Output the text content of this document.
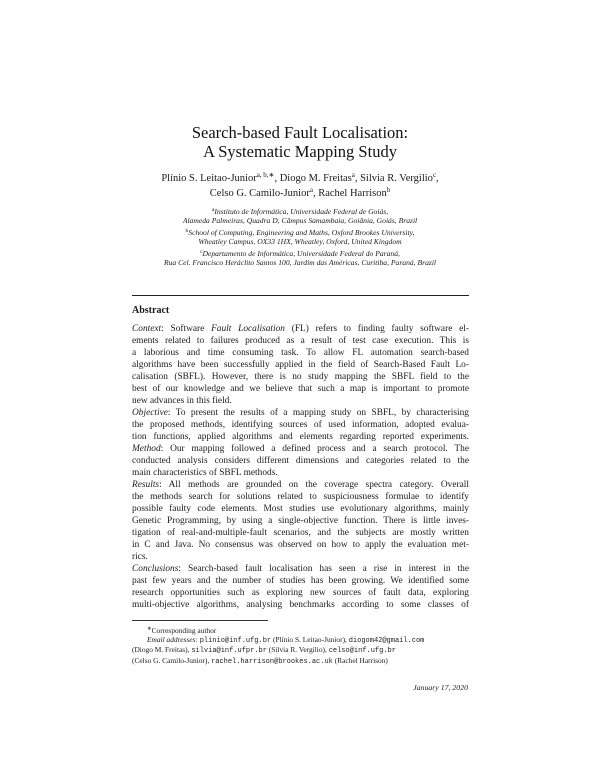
Search-based Fault Localisation:
A Systematic Mapping Study
Plínio S. Leitao-Junior$^{a, b,∗}$, Diogo M. Freitas$^a$, Silvia R. Vergilio$^c$,
Celso G. Camilo-Junior$^a$, Rachel Harrison$^b$
$^a$Instituto de Informática, Universidade Federal de Goiás,
Alameda Palmeiras, Quadra D, Câmpus Samambaia, Goiânia, Goiás, Brazil
$^b$School of Computing, Engineering and Maths, Oxford Brookes University,
Wheatley Campus, OX33 1HX, Wheatley, Oxford, United Kingdom
$^c$Departamento de Informática, Universidade Federal do Paraná,
Rua Cel. Francisco Heráclito Santos 100, Jardim das Américas, Curitiba, Paraná, Brazil
Abstract
Context: Software Fault Localisation (FL) refers to finding faulty software el-
ements related to failures produced as a result of test case execution. This is
a laborious and time consuming task. To allow FL automation search-based
algorithms have been successfully applied in the field of Search-Based Fault Lo-
calisation (SBFL). However, there is no study mapping the SBFL field to the
best of our knowledge and we believe that such a map is important to promote
new advances in this field.
Objective: To present the results of a mapping study on SBFL, by characterising
the proposed methods, identifying sources of used information, adopted evalua-
tion functions, applied algorithms and elements regarding reported experiments.
Method: Our mapping followed a defined process and a search protocol. The
conducted analysis considers different dimensions and categories related to the
main characteristics of SBFL methods.
Results: All methods are grounded on the coverage spectra category. Overall
the methods search for solutions related to suspiciousness formulae to identify
possible faulty code elements. Most studies use evolutionary algorithms, mainly
Genetic Programming, by using a single-objective function. There is little inves-
tigation of real-and-multiple-fault scenarios, and the subjects are mostly written
in C and Java. No consensus was observed on how to apply the evaluation met-
rics.
Conclusions: Search-based fault localisation has seen a rise in interest in the
past few years and the number of studies has been growing. We identified some
research opportunities such as exploring new sources of fault data, exploring
multi-objective algorithms, analysing benchmarks according to some classes of
∗Corresponding author
Email addresses: plinio@inf.ufg.br (Plínio S. Leitao-Junior), diogom42@gmail.com
(Diogo M. Freitas), silvia@inf.ufpr.br (Silvia R. Vergilio), celso@inf.ufg.br
(Celso G. Camilo-Junior), rachel.harrison@brookes.ac.uk (Rachel Harrison)
January 17, 2020
